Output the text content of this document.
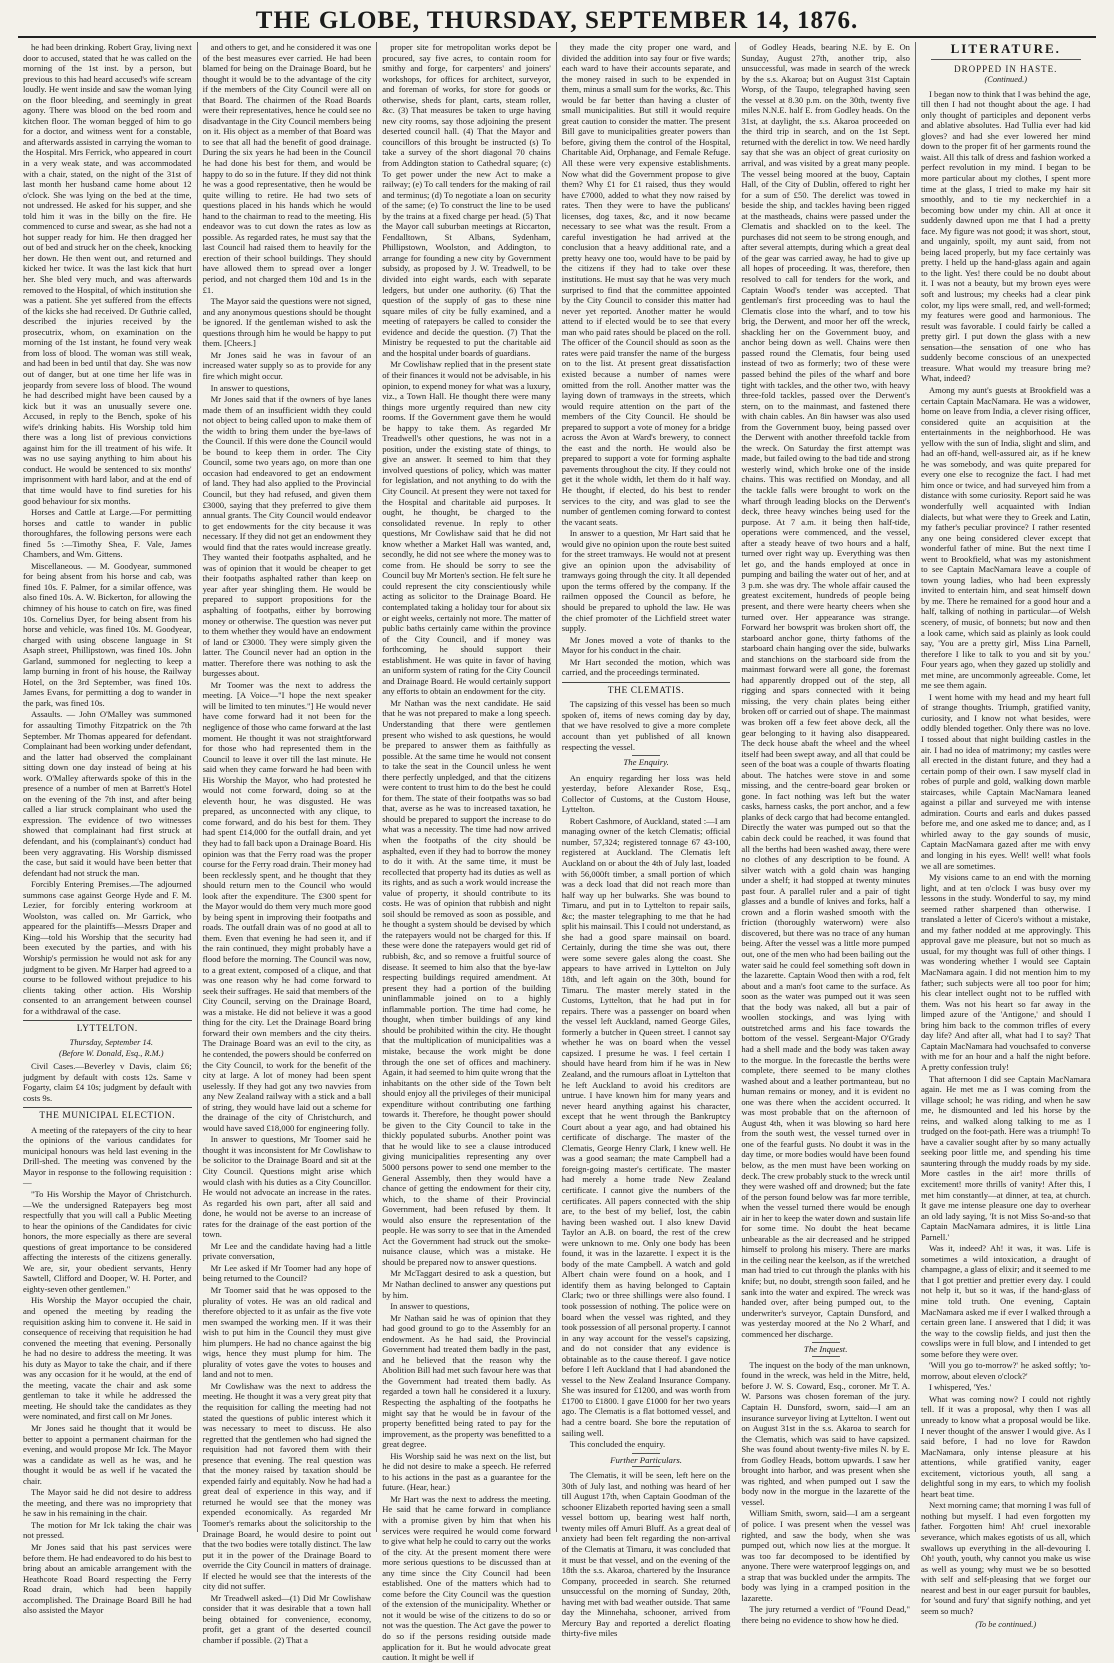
THE GLOBE, THURSDAY, SEPTEMBER 14, 1876.

he had been drinking. Robert Gray, living next door to accused, stated that he was called on the morning of the 1st inst. by a person, but previous to this had heard accused's wife scream loudly. He went inside and saw the woman lying on the floor bleeding, and seemingly in great agony. There was blood on the bed room and kitchen floor. The woman begged of him to go for a doctor, and witness went for a constable, and afterwards assisted in carrying the woman to the Hospital. Mrs Ferrick, who appeared in court in a very weak state, and was accommodated with a chair, stated, on the night of the 31st of last month her husband came home about 12 o'clock. She was lying on the bed at the time, not undressed. He asked for his supper, and she told him it was in the billy on the fire. He commenced to curse and swear, as she had not a hot supper ready for him. He then dragged her out of bed and struck her on the cheek, knocking her down. He then went out, and returned and kicked her twice. It was the last kick that hurt her. She bled very much, and was afterwards removed to the Hospital, of which institution she was a patient. She yet suffered from the effects of the kicks she had received. Dr Guthrie called, described the injuries received by the prosecutrix, whom, on examination on the morning of the 1st instant, he found very weak from loss of blood. The woman was still weak, and had been in bed until that day. She was now out of danger, but at one time her life was in jeopardy from severe loss of blood. The wound he had described might have been caused by a kick but it was an unusually severe one. Accused, in reply to the Bench, spoke of his wife's drinking habits. His Worship told him there was a long list of previous convictions against him for the ill treatment of his wife. It was no use saying anything to him about his conduct. He would be sentenced to six months' imprisonment with hard labor, and at the end of that time would have to find sureties for his good behaviour for six months.

Horses and Cattle at Large.—For permitting horses and cattle to wander in public thoroughfares, the following persons were each fined 5s :—Timothy Shea, F. Vale, James Chambers, and Wm. Gittens.

Miscellaneous. — M. Goodyear, summoned for being absent from his horse and cab, was fined 10s. F. Palmer, for a similar offence, was also fined 10s. A. W. Bickerton, for allowing the chimney of his house to catch on fire, was fined 10s. Cornelius Dyer, for being absent from his horse and vehicle, was fined 10s. M. Goodyear, charged with using obscene language in St Asaph street, Phillipstown, was fined 10s. John Garland, summoned for neglecting to keep a lamp burning in front of his house, the Railway Hotel, on the 3rd September, was fined 10s. James Evans, for permitting a dog to wander in the park, was fined 10s.

Assaults. — John O'Malley was summoned for assaulting Timothy Fitzpatrick on the 7th September. Mr Thomas appeared for defendant. Complainant had been working under defendant, and the latter had observed the complainant sitting down one day instead of being at his work. O'Malley afterwards spoke of this in the presence of a number of men at Barrett's Hotel on the evening of the 7th inst, and after being called a liar struck complainant who used the expression. The evidence of two witnesses showed that complainant had first struck at defendant, and his (complainant's) conduct had been very aggravating. His Worship dismissed the case, but said it would have been better that defendant had not struck the man.

Forcibly Entering Premises.—The adjourned summons case against George Hyde and F. M. Lezier, for forcibly entering workroom at Woolston, was called on. Mr Garrick, who appeared for the plaintiffs—Messrs Draper and King—told his Worship that the security had been executed by the parties, and with his Worship's permission he would not ask for any judgment to be given. Mr Harper had agreed to a course to be followed without prejudice to his clients taking other action. His Worship consented to an arrangement between counsel for a withdrawal of the case.

LYTTELTON.

Thursday, September 14.

(Before W. Donald, Esq., R.M.)

Civil Cases.—Beverley v Davis, claim £6; judgment by default with costs 12s. Same v Fogarty, claim £4 10s; judgment by default with costs 9s.

THE MUNICIPAL ELECTION.

A meeting of the ratepayers of the city to hear the opinions of the various candidates for municipal honours was held last evening in the Drill-shed. The meeting was convened by the Mayor in response to the following requisition :—

"To His Worship the Mayor of Christchurch.—We the undersigned Ratepayers beg most respectfully that you will call a Public Meeting to hear the opinions of the Candidates for civic honors, the more especially as there are several questions of great importance to be considered affecting the interests of the citizens generally. We are, sir, your obedient servants, Henry Sawtell, Clifford and Dooper, W. H. Porter, and eighty-seven other gentlemen."

His Worship the Mayor occupied the chair, and opened the meeting by reading the requisition asking him to convene it. He said in consequence of receiving that requisition he had convened the meeting that evening. Personally he had no desire to address the meeting. It was his duty as Mayor to take the chair, and if there was any occasion for it he would, at the end of the meeting, vacate the chair and ask some gentleman to take it while he addressed the meeting. He should take the candidates as they were nominated, and first call on Mr Jones.

Mr Jones said he thought that it would be better to appoint a permanent chairman for the evening, and would propose Mr Ick. The Mayor was a candidate as well as he was, and he thought it would be as well if he vacated the chair.

The Mayor said he did not desire to address the meeting, and there was no impropriety that he saw in his remaining in the chair.

The motion for Mr Ick taking the chair was not pressed.

Mr Jones said that his past services were before them. He had endeavored to do his best to bring about an amicable arrangement with the Heathcote Road Board respecting the Ferry Road drain, which had been happily accomplished. The Drainage Board Bill he had also assisted the Mayor

and others to get, and he considered it was one of the best measures ever carried. He had been blamed for being on the Drainage Board, but he thought it would be to the advantage of the city if the members of the City Council were all on that Board. The chairmen of the Road Boards were their representatives, hence he could see no disadvantage in the City Council members being on it. His object as a member of that Board was to see that all had the benefit of good drainage. During the six years he had been in the Council he had done his best for them, and would be happy to do so in the future. If they did not think he was a good representative, then he would be quite willing to retire. He had two sets of questions placed in his hands which he would hand to the chairman to read to the meeting. His endeavor was to cut down the rates as low as possible. As regarded rates, he must say that the last Council had raised them to heavily for the erection of their school buildings. They should have allowed them to spread over a longer period, and not charged them 10d and 1s in the £1.

The Mayor said the questions were not signed, and any anonymous questions should be thought be ignored. If the gentleman wished to ask the questions through him he would be happy to put them. [Cheers.]

Mr Jones said he was in favour of an increased water supply so as to provide for any fire which might occur.

In answer to questions,

Mr Jones said that if the owners of bye lanes made them of an insufficient width they could not object to being called upon to make them of the width to bring them under the bye-laws of the Council. If this were done the Council would be bound to keep them in order. The City Council, some two years ago, on more than one occasion had endeavored to get an endowment of land. They had also applied to the Provincial Council, but they had refused, and given them £3000, saying that they preferred to give them annual grants. The City Council would endeavor to get endowments for the city because it was necessary. If they did not get an endowment they would find that the rates would increase greatly. They wanted their footpaths asphalted, and he was of opinion that it would be cheaper to get their footpaths asphalted rather than keep on year after year shingling them. He would be prepared to support propositions for the asphalting of footpaths, either by borrowing money or otherwise. The question was never put to them whether they would have an endowment of land or £3000. They were simply given the latter. The Council never had an option in the matter. Therefore there was nothing to ask the burgesses about.

Mr Toomer was the next to address the meeting. [A Voice—"I hope the next speaker will be limited to ten minutes."] He would never have come forward had it not been for the negligence of those who came forward at the last moment. He thought it was not straightforward for those who had represented them in the Council to leave it over till the last minute. He said when they came forward he had been with His Worship the Mayor, who had protested he would not come forward, doing so at the eleventh hour, he was disgusted. He was prepared, as unconnected with any clique, to come forward, and do his best for them. They had spent £14,000 for the outfall drain, and yet they had to fall back upon a Drainage Board. His opinion was that the Ferry road was the proper course for the Ferry road drain. Their money had been recklessly spent, and he thought that they should return men to the Council who would look after the expenditure. The £300 spent for the Mayor would do them very much more good by being spent in improving their footpaths and roads. The outfall drain was of no good at all to them. Even that evening he had seen it, and if the rain continued, they might probably have a flood before the morning. The Council was now, to a great extent, composed of a clique, and that was one reason why he had come forward to seek their suffrages. He said that members of the City Council, serving on the Drainage Board, was a mistake. He did not believe it was a good thing for the city. Let the Drainage Board bring forward their own members and the city theirs. The Drainage Board was an evil to the city, as he contended, the powers should be conferred on the City Council, to work for the benefit of the city at large. A lot of money had been spent uselessly. If they had got any two navvies from any New Zealand railway with a stick and a ball of string, they would have laid out a scheme for the drainage of the city of Christchurch, and would have saved £18,000 for engineering folly.

In answer to questions, Mr Toomer said he thought it was inconsistent for Mr Cowlishaw to be solicitor to the Drainage Board and sit at the City Council. Questions might arise which would clash with his duties as a City Councillor. He would not advocate an increase in the rates. As regarded his own part, after all said and done, he would not be averse to an increase of rates for the drainage of the east portion of the town.

Mr Lee and the candidate having had a little private conversation,

Mr Lee asked if Mr Toomer had any hope of being returned to the Council?

Mr Toomer said that he was opposed to the plurality of votes. He was an old radical and therefore objected to it as unfair as the five vote men swamped the working men. If it was their wish to put him in the Council they must give him plumpers. He had no chance against the big wigs, hence they must plump for him. The plurality of votes gave the votes to houses and land and not to men.

Mr Cowlishaw was the next to address the meeting. He thought it was a very great pity that the requisition for calling the meeting had not stated the questions of public interest which it was necessary to meet to discuss. He also regretted that the gentlemen who had signed the requisition had not favored them with their presence that evening. The real question was that the money raised by taxation should be expended fairly and equitably. Now he had had a great deal of experience in this way, and if returned he would see that the money was expended economically. As regarded Mr Toomer's remarks about the solicitorship to the Drainage Board, he would desire to point out that the two bodies were totally distinct. The law put it in the power of the Drainage Board to override the City Council in matters of drainage. If elected he would see that the interests of the city did not suffer.

Mr Treadwell asked—(1) Did Mr Cowlishaw consider that it was desirable that a town hall being obtained for convenience, economy, profit, get a grant of the deserted council chamber if possible. (2) That a

proper site for metropolitan works depot be procured, say five acres, to contain room for smithy and forge, for carpenters' and joiners' workshops, for offices for architect, surveyor, and foreman of works, for store for goods or otherwise, sheds for plant, carts, steam roller, &c. (3) That measures be taken to urge having new city rooms, say those adjoining the present deserted council hall. (4) That the Mayor and councillors of this brought be instructed (s) To take a survey of the short diagonal 70 chains from Addington station to Cathedral square; (c) To get power under the new Act to make a railway; (e) To call tenders for the making of rail and terminus; (d) To negotiate a loan on security of the same; (e) To construct the line to be used by the trains at a fixed charge per head. (5) That the Mayor call suburban meetings at Riccarton, Fendalltown, St Albans, Sydenham, Phillipstown, Woolston, and Addington, to arrange for founding a new city by Government subsidy, as proposed by J. W. Treadwell, to be divided into eight wards, each with separate ledgers, but under one authority. (6) That the question of the supply of gas to these nine square miles of city be fully examined, and a meeting of ratepayers be called to consider the evidence and decide the question. (7) That the Ministry be requested to put the charitable aid and the hospital under boards of guardians.

Mr Cowlishaw replied that in the present state of their finances it would not be advisable, in his opinion, to expend money for what was a luxury, viz., a Town Hall. He thought there were many things more urgently required than new city rooms. If the Government gave them he would be happy to take them. As regarded Mr Treadwell's other questions, he was not in a position, under the existing state of things, to give an answer. It seemed to him that they involved questions of policy, which was matter for legislation, and not anything to do with the City Council. At present they were not taxed for the Hospital and charitable aid purposes. It ought, he thought, be charged to the consolidated revenue. In reply to other questions, Mr Cowlishaw said that he did not know whether a Market Hall was wanted, and, secondly, he did not see where the money was to come from. He should be sorry to see the Council buy Mr Morten's section. He felt sure he could represent the city conscientiously while acting as solicitor to the Drainage Board. He contemplated taking a holiday tour for about six or eight weeks, certainly not more. The matter of public baths certainly came within the province of the City Council, and if money was forthcoming, he should support their establishment. He was quite in favor of having an uniform system of rating for the City Council and Drainage Board. He would certainly support any efforts to obtain an endowment for the city.

Mr Nathan was the next candidate. He said that he was not prepared to make a long speech. Understanding that there were gentlemen present who wished to ask questions, he would be prepared to answer them as faithfully as possible. At the same time he would not consent to take the seat in the Council unless he went there perfectly unpledged, and that the citizens were content to trust him to do the best he could for them. The state of their footpaths was so bad that, averse as he was to increased taxation, he should be prepared to support the increase to do what was a necessity. The time had now arrived when the footpaths of the city should be asphalted, even if they had to borrow the money to do it with. At the same time, it must be recollected that property had its duties as well as its rights, and as such a work would increase the value of property, it should contribute to its costs. He was of opinion that rubbish and night soil should be removed as soon as possible, and he thought a system should be devised by which the ratepayers would not be charged for this. If these were done the ratepayers would get rid of rubbish, &c, and so remove a fruitful source of disease. It seemed to him also that the bye-law respecting buildings required amendment. At present they had a portion of the building uninflammable joined on to a highly inflammable portion. The time had come, he thought, when timber buildings of any kind should be prohibited within the city. He thought that the multiplication of municipalities was a mistake, because the work might be done through the one set of offices and machinery. Again, it had seemed to him quite wrong that the inhabitants on the other side of the Town belt should enjoy all the privileges of their municipal expenditure without contributing one farthing towards it. Therefore, he thought power should be given to the City Council to take in the thickly populated suburbs. Another point was that he would like to see a clause introduced giving municipalities representing any over 5000 persons power to send one member to the General Assembly, then they would have a chance of getting the endowment for their city, which, to the shame of their Provincial Government, had been refused by them. It would also ensure the representation of the people. He was sorry to see that in the Amended Act the Government had struck out the smoke-nuisance clause, which was a mistake. He should be prepared now to answer questions.

Mr McTaggart desired to ask a question, but Mr Nathan declined to answer any questions put by him.

In answer to questions,

Mr Nathan said he was of opinion that they had good ground to go to the Assembly for an endowment. As he had said, the Provincial Government had treated them badly in the past, and he believed that the reason why the Abolition Bill had met such favour here was that the Government had treated them badly. As regarded a town hall he considered it a luxury. Respecting the asphalting of the footpaths he might say that he would be in favour of the property benefitted being rated to pay for the improvement, as the property was benefitted to a great degree.

His Worship said he was next on the list, but he did not desire to make a speech. He referred to his actions in the past as a guarantee for the future. (Hear, hear.)

Mr Hart was the next to address the meeting. He said that he came forward in compliance with a promise given by him that when his services were required he would come forward to give what help he could to carry out the works of the city. At the present moment there were more serious questions to be discussed than at any time since the City Council had been established. One of the matters which had to come before the City Council was the question of the extension of the municipality. Whether or not it would be wise of the citizens to do so or not was the question. The Act gave the power to do so if the persons residing outside made application for it. But he would advocate great caution. It might be well if

they made the city proper one ward, and divided the addition into say four or five wards; each ward to have their accounts separate, and the money raised in such to be expended in them, minus a small sum for the works, &c. This would be far better than having a cluster of small municipalities. But still it would require great caution to consider the matter. The present Bill gave to municipalities greater powers than before, giving them the control of the Hospital, Charitable Aid, Orphanage, and Female Refuge. All these were very expensive establishments. Now what did the Government propose to give them? Why £1 for £1 raised, thus they would have £7000, added to what they now raised by rates. Then they were to have the publicans' licenses, dog taxes, &c, and it now became necessary to see what was the result. From a careful investigation he had arrived at the conclusion that a heavy additional rate, and a pretty heavy one too, would have to be paid by the citizens if they had to take over these institutions. He must say that he was very much surprised to find that the committee appointed by the City Council to consider this matter had never yet reported. Another matter he would attend to if elected would be to see that every man who paid rates should be placed on the roll. The officer of the Council should as soon as the rates were paid transfer the name of the burgess on to the list. At present great dissatisfaction existed because a number of names were omitted from the roll. Another matter was the laying down of tramways in the streets, which would require attention on the part of the members of the City Council. He should be prepared to support a vote of money for a bridge across the Avon at Ward's brewery, to connect the east and the north. He would also be prepared to support a vote for forming asphalte pavements throughout the city. If they could not get it the whole width, let them do it half way. He thought, if elected, do his best to render services to the city, and was glad to see the number of gentlemen coming forward to contest the vacant seats.

In answer to a question, Mr Hart said that he would give no opinion upon the route best suited for the street tramways. He would not at present give an opinion upon the advisability of tramways going through the city. It all depended upon the terms offered by the company. If the railmen opposed the Council as before, he should be prepared to uphold the law. He was the chief promoter of the Lichfield street water supply.

Mr Jones moved a vote of thanks to the Mayor for his conduct in the chair.

Mr Hart seconded the motion, which was carried, and the proceedings terminated.

THE CLEMATIS.

The capsizing of this vessel has been so much spoken of, items of news coming day by day, that we have resolved to give a more complete account than yet published of all known respecting the vessel.

The Enquiry.

An enquiry regarding her loss was held yesterday, before Alexander Rose, Esq., Collector of Customs, at the Custom House, Lyttelton.

Robert Cashmore, of Auckland, stated :—I am managing owner of the ketch Clematis; official number, 57,324; registered tonnage 67 43-100, registered at Auckland. The Clematis left Auckland on or about the 4th of July last, loaded with 56,000ft timber, a small portion of which was a deck load that did not reach more than half way up her bulwarks. She was bound to Timaru, and put in to Lyttelton to repair sails, &c; the master telegraphing to me that he had split his mainsail. This I could not understand, as she had a good spare mainsail on board. Certainly, during the time she was out, there were some severe gales along the coast. She appears to have arrived in Lyttelton on July 18th, and left again on the 30th, bound for Timaru. The master merely stated in the Customs, Lyttelton, that he had put in for repairs. There was a passenger on board when the vessel left Auckland, named George Giles, formerly a butcher in Queen street. I cannot say whether he was on board when the vessel capsized. I presume he was. I feel certain I should have heard from him if he was in New Zealand, and the rumours afloat in Lyttelton that he left Auckland to avoid his creditors are untrue. I have known him for many years and never heard anything against his character, except that he went through the Bankruptcy Court about a year ago, and had obtained his certificate of discharge. The master of the Clematis, George Henry Clark, I knew well. He was a good seaman; the mate Campbell had a foreign-going master's certificate. The master had merely a home trade New Zealand certificate. I cannot give the numbers of the certificates. All papers connected with the ship are, to the best of my belief, lost, the cabin having been washed out. I also knew David Taylor an A.B. on board, the rest of the crew were unknown to me. Only one body has been found, it was in the lazarette. I expect it is the body of the mate Campbell. A watch and gold Albert chain were found on a hook, and I identify them as having belonged to Captain Clark; two or three shillings were also found. I took possession of nothing. The police were on board when the vessel was righted, and they took possession of all personal property. I cannot in any way account for the vessel's capsizing, and do not consider that any evidence is obtainable as to the cause thereof. I gave notice before I left Auckland that I had abandoned the vessel to the New Zealand Insurance Company. She was insured for £1200, and was worth from £1700 to £1800. I gave £1000 for her two years ago. The Clematis is a flat bottomed vessel, and had a centre board. She bore the reputation of sailing well.

This concluded the enquiry.

Further Particulars.

The Clematis, it will be seen, left here on the 30th of July last, and nothing was heard of her till August 17th, when Captain Goodman of the schooner Elizabeth reported having seen a small vessel bottom up, bearing west half north, twenty miles off Amuri Bluff. As a great deal of anxiety had been felt regarding the non-arrival of the Clematis at Timaru, it was concluded that it must be that vessel, and on the evening of the 18th the s.s. Akaroa, chartered by the Insurance Company, proceeded in search. She returned unsuccessful on the morning of Sunday, 20th, having met with bad weather outside. That same day the Minnehaha, schooner, arrived from Mercury Bay and reported a derelict floating thirty-five miles

of Godley Heads, bearing N.E. by E. On Sunday, August 27th, another trip, also unsuccessful, was made in search of the wreck by the s.s. Akaroa; but on August 31st Captain Worsp, of the Taupo, telegraphed having seen the vessel at 8.30 p.m. on the 30th, twenty five miles N.N.E. half E. from Godley heads. On the 31st, at daylight, the s.s. Akaroa proceeded on the third trip in search, and on the 1st Sept. returned with the derelict in tow. We need hardly say that she was an object of great curiosity on arrival, and was visited by a great many people. The vessel being moored at the buoy, Captain Hall, of the City of Dublin, offered to right her for a sum of £50. The derelict was towed in beside the ship, and tackles having been rigged at the mastheads, chains were passed under the Clematis and shackled on to the keel. The purchases did not seem to be strong enough, and after several attempts, during which a great deal of the gear was carried away, he had to give up all hopes of proceeding. It was, therefore, then resolved to call for tenders for the work, and Captain Wood's tender was accepted. That gentleman's first proceeding was to haul the Clematis close into the wharf, and to tow his brig, the Derwent, and moor her off the wreck, shackling her on the Government buoy, and anchor being down as well. Chains were then passed round the Clematis, four being used instead of two as formerly; two of these were passed behind the piles of the wharf and bore tight with tackles, and the other two, with heavy three-fold tackles, passed over the Derwent's stern, on to the mainmast, and fastened there with chain cables. An 8in hawser was also used from the Government buoy, being passed over the Derwent with another threefold tackle from the wreck. On Saturday the first attempt was made, but failed owing to the bad tide and strong westerly wind, which broke one of the inside chains. This was rectified on Monday, and all the tackle falls were brought to work on the wharf through leading blocks on the Derwent's deck, three heavy winches being used for the purpose. At 7 a.m. it being then half-tide, operations were commenced, and the vessel, after a steady heave of two hours and a half, turned over right way up. Everything was then let go, and the hands employed at once in pumping and bailing the water out of her, and at 3 p.m. she was dry. The whole affair caused the greatest excitement, hundreds of people being present, and there were hearty cheers when she turned over. Her appearance was strange. Forward her bowsprit was broken short off, the starboard anchor gone, thirty fathoms of the starboard chain hanging over the side, bulwarks and stanchions on the starboard side from the mainmast forward were all gone, the foremast had apparently dropped out of the step, all rigging and spars connected with it being missing, the very chain plates being either broken off or carried out of shape. The mainmast was broken off a few feet above deck, all the gear belonging to it having also disappeared. The deck house abaft the wheel and the wheel itself had been swept away, and all that could be seen of the boat was a couple of thwarts floating about. The hatches were stove in and some missing, and the centre-board gear broken or gone. In fact nothing was left but the water casks, harness casks, the port anchor, and a few planks of deck cargo that had become entangled. Directly the water was pumped out so that the cabin deck could be reached, it was found that all the berths had been washed away, there were no clothes of any description to be found. A silver watch with a gold chain was hanging under a shelf; it had stopped at twenty minutes past four. A parallel ruler and a pair of tight glasses and a bundle of knives and forks, half a crown and a florin washed smooth with the friction (thoroughly waterworn) were also discovered, but there was no trace of any human being. After the vessel was a little more pumped out, one of the men who had been bailing out the water said he could feel something soft down in the lazarette. Captain Wood then with a rod, felt about and a man's foot came to the surface. As soon as the water was pumped out it was seen that the body was naked, all but a pair of woollen stockings, and was lying with outstretched arms and his face towards the bottom of the vessel. Sergeant-Major O'Grady had a shell made and the body was taken away to the morgue. In the forecastle the berths were complete, there seemed to be many clothes washed about and a leather portmanteau, but no human remains or money, and it is evident no one was there when the accident occurred. It was most probable that on the afternoon of August 4th, when it was blowing so hard here from the south west, the vessel turned over in one of the fearful gusts. No doubt it was in the day time, or more bodies would have been found below, as the men must have been working on deck. The crew probably stuck to the wreck until they were washed off and drowned; but the fate of the person found below was far more terrible, when the vessel turned there would be enough air in her to keep the water down and sustain life for some time. No doubt the heat became unbearable as the air decreased and he stripped himself to prolong his misery. There are marks in the ceiling near the keelson, as if the wretched man had tried to cut through the planks with his knife; but, no doubt, strength soon failed, and he sank into the water and expired. The wreck was handed over, after being pumped out, to the underwriter's surveyor, Captain Dunsford, and was yesterday moored at the No 2 Wharf, and commenced her discharge.

The Inquest.

The inquest on the body of the man unknown, found in the wreck, was held in the Mitre, held, before J. W. S. Coward, Esq., coroner. Mr T. A. W. Parsons was chosen foreman of the jury. Captain H. Dunsford, sworn, said—I am an insurance surveyor living at Lyttelton. I went out on August 31st in the s.s. Akaroa to search for the Clematis, which was said to have capsized. She was found about twenty-five miles N. by E. from Godley Heads, bottom upwards. I saw her brought into harbor, and was present when she was righted, and when pumped out I saw the body now in the morgue in the lazarette of the vessel.

William Smith, sworn, said—I am a sergeant of police. I was present when the vessel was righted, and saw the body, when she was pumped out, which now lies at the morgue. It was too far decomposed to be identified by anyone. There were waterproof leggings on, and a strap that was buckled under the armpits. The body was lying in a cramped position in the lazarette.

The jury returned a verdict of "Found Dead," there being no evidence to show how he died.

LITERATURE.
DROPPED IN HASTE.
(Continued.)

I began now to think that I was behind the age, till then I had not thought about the age. I had only thought of participles and deponent verbs and ablative absolutes. Had Tullia ever had kid gloves? and had she ever lowered her mind down to the proper fit of her garments round the waist. All this talk of dress and fashion worked a perfect revolution in my mind. I began to be more particular about my clothes, I spent more time at the glass, I tried to make my hair sit smoothly, and to tie my neckerchief in a becoming bow under my chin. All at once it suddenly dawned upon me that I had a pretty face. My figure was not good; it was short, stout, and ungainly, spoilt, my aunt said, from not being laced properly, but my face certainly was pretty. I held up the hand-glass again and again to the light. Yes! there could be no doubt about it. I was not a beauty, but my brown eyes were soft and lustrous; my cheeks had a clear pink color, my lips were small, red, and well-formed; my features were good and harmonious. The result was favorable. I could fairly be called a pretty girl. I put down the glass with a new sensation—the sensation of one who has suddenly become conscious of an unexpected treasure. What would my treasure bring me? What, indeed?

Among my aunt's guests at Brookfield was a certain Captain MacNamara. He was a widower, home on leave from India, a clever rising officer, considered quite an acquisition at the entertainments in the neighborhood. He was yellow with the sun of India, slight and slim, and had an off-hand, well-assured air, as if he knew he was somebody, and was quite prepared for every one else to recognize the fact. I had met him once or twice, and had surveyed him from a distance with some curiosity. Report said he was wonderfully well acquainted with Indian dialects, but what were they to Greek and Latin, my father's peculiar province? I rather resented any one being considered clever except that wonderful father of mine. But the next time I went to Brookfield, what was my astonishment to see Captain MacNamara leave a couple of town young ladies, who had been expressly invited to entertain him, and seat himself down by me. There he remained for a good hour and a half, talking of nothing in particular—of Welsh scenery, of music, of bonnets; but now and then a look came, which said as plainly as look could say, 'You are a pretty girl, Miss Lina Parnell, therefore I like to talk to you and sit by you.' Four years ago, when they gazed up stolidly and met mine, are uncommonly agreeable. Come, let me see them again.

I went home with my head and my heart full of strange thoughts. Triumph, gratified vanity, curiosity, and I know not what besides, were oddly blended together. Only there was no love. I tossed about that night building castles in the air. I had no idea of matrimony; my castles were all erected in the distant future, and they had a certain pomp of their own. I saw myself clad in robes of purple and gold, walking down marble staircases, while Captain MacNamara leaned against a pillar and surveyed me with intense admiration. Courts and earls and dukes passed before me, and one asked me to dance; and, as I whirled away to the gay sounds of music, Captain MacNamara gazed after me with envy and longing in his eyes. Well! well! what fools we all are sometimes.

My visions came to an end with the morning light, and at ten o'clock I was busy over my lessons in the study. Wonderful to say, my mind seemed rather sharpened than otherwise. I translated a letter of Cicero's without a mistake, and my father nodded at me approvingly. This approval gave me pleasure, but not so much as usual, for my thought was full of other things. I was wondering whether I would see Captain MacNamara again. I did not mention him to my father; such subjects were all too poor for him; his clear intellect ought not to be ruffled with them. Was not his heart so far away in the limped azure of the 'Antigone,' and should I bring him back to the common trifles of every day life? And after all, what had I to say? That Captain MacNamara had vouchsafed to converse with me for an hour and a half the night before. A pretty confession truly!

That afternoon I did see Captain MacNamara again. He met me as I was coming from the village school; he was riding, and when he saw me, he dismounted and led his horse by the reins, and walked along talking to me as I trudged on the foot-path. Here was a triumph! To have a cavalier sought after by so many actually seeking poor little me, and spending his time sauntering through the muddy roads by my side. More castles in the air! more thrills of excitement! more thrills of vanity! After this, I met him constantly—at dinner, at tea, at church. It gave me intense pleasure one day to overhear an old lady saying, 'It is not Miss So-and-so that Captain MacNamara admires, it is little Lina Parnell.'

Was it, indeed? Ah! it was, it was. Life is sometimes a wild intoxication, a draught of champagne, a glass of elixir; and it seemed to me that I got prettier and prettier every day. I could not help it, but so it was, if the hand-glass of mine told truth. One evening, Captain MacNamara asked me if ever I walked through a certain green lane. I answered that I did; it was the way to the cowslip fields, and just then the cowslips were in full blow, and I intended to get some before they were over.

'Will you go to-morrow?' he asked softly; 'to-morrow, about eleven o'clock?'

I whispered, 'Yes.'

What was coming now? I could not rightly tell. If it was a proposal, why then I was all unready to know what a proposal would be like. I never thought of the answer I would give. As I said before, I had no love for Rawdon MacNamara, only intense pleasure at his attentions, while gratified vanity, eager excitement, victorious youth, all sang a delightful song in my ears, to which my foolish heart beat time.

Next morning came; that morning I was full of nothing but myself. I had even forgotten my father. Forgotten him! Ah! cruel inexorable severance, which makes egotists of us all, which swallows up everything in the all-devouring I. Oh! youth, youth, why cannot you make us wise as well as young; why must we be so besotted with self and self-pleasing that we forget our nearest and best in our eager pursuit for baubles, for 'sound and fury' that signify nothing, and yet seem so much?

(To be continued.)
